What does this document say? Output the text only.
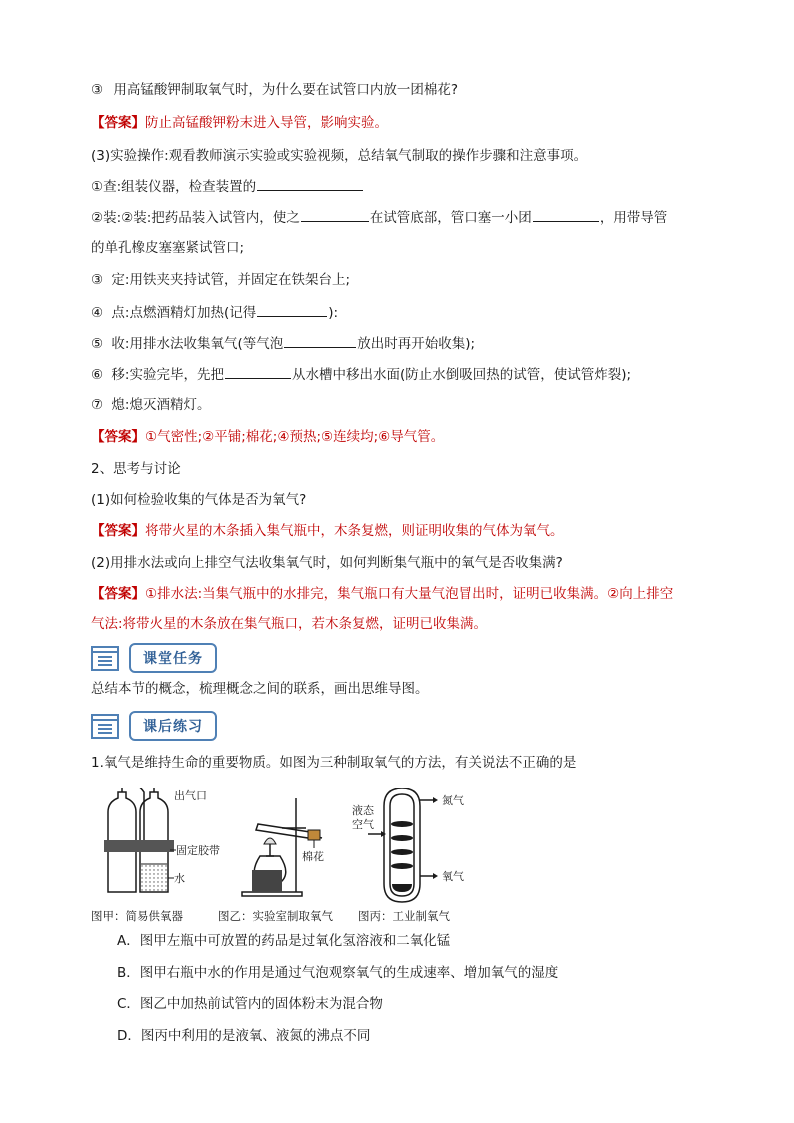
③ 用高锰酸钾制取氧气时，为什么要在试管口内放一团棉花?
【答案】防止高锰酸钾粉末进入导管，影响实验。
(3)实验操作:观看教师演示实验或实验视频，总结氧气制取的操作步骤和注意事项。
①查:组装仪器，检查装置的
②装:②装:把药品装入试管内，使之	在试管底部，管口塞一小团	，用带导管
的单孔橡皮塞塞紧试管口;
③ 定:用铁夹夹持试管，并固定在铁架台上;
④ 点:点燃酒精灯加热(记得	):
⑤ 收:用排水法收集氧气(等气泡	放出时再开始收集);
⑥ 移:实验完毕，先把	从水槽中移出水面(防止水倒吸回热的试管，使试管炸裂);
⑦ 熄:熄灭酒精灯。
【答案】①气密性;②平铺;棉花;④预热;⑤连续均;⑥导气管。
2、思考与讨论
(1)如何检验收集的气体是否为氧气?
【答案】将带火星的木条插入集气瓶中，木条复燃，则证明收集的气体为氧气。
(2)用排水法或向上排空气法收集氧气时，如何判断集气瓶中的氧气是否收集满?
【答案】①排水法:当集气瓶中的水排完，集气瓶口有大量气泡冒出时，证明已收集满。②向上排空
气法:将带火星的木条放在集气瓶口，若木条复燃，证明已收集满。
课堂任务
总结本节的概念，梳理概念之间的联系，画出思维导图。
课后练习
1.氧气是维持生命的重要物质。如图为三种制取氧气的方法，有关说法不正确的是
出气口
固定胶带
水
棉花
液态
空气
氮气
氧气
图甲：简易供氧器	图乙：实验室制取氧气 图丙：工业制氧气
A．图甲左瓶中可放置的药品是过氧化氢溶液和二氧化锰
B．图甲右瓶中水的作用是通过气泡观察氧气的生成速率、增加氧气的湿度
C．图乙中加热前试管内的固体粉末为混合物
D．图丙中利用的是液氧、液氮的沸点不同
